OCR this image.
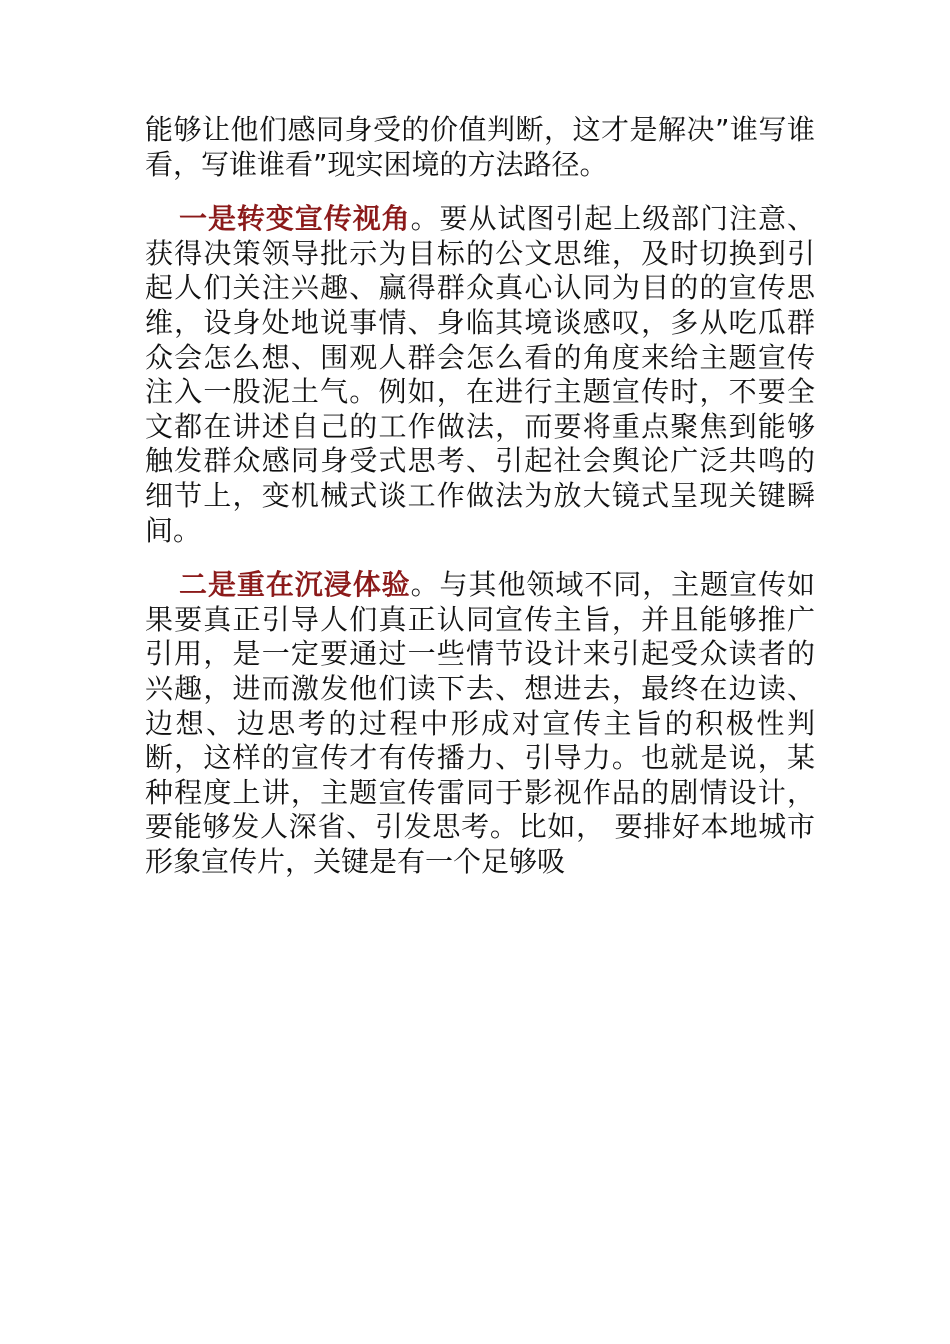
能够让他们感同身受的价值判断，这才是解决”谁写谁看，写谁谁看”现实困境的方法路径。

一是转变宣传视角。要从试图引起上级部门注意、获得决策领导批示为目标的公文思维，及时切换到引起人们关注兴趣、赢得群众真心认同为目的的宣传思维，设身处地说事情、身临其境谈感叹，多从吃瓜群众会怎么想、围观人群会怎么看的角度来给主题宣传注入一股泥土气。例如，在进行主题宣传时，不要全文都在讲述自己的工作做法，而要将重点聚焦到能够触发群众感同身受式思考、引起社会舆论广泛共鸣的细节上，变机械式谈工作做法为放大镜式呈现关键瞬间。

二是重在沉浸体验。与其他领域不同，主题宣传如果要真正引导人们真正认同宣传主旨，并且能够推广引用，是一定要通过一些情节设计来引起受众读者的兴趣，进而激发他们读下去、想进去，最终在边读、边想、边思考的过程中形成对宣传主旨的积极性判断，这样的宣传才有传播力、引导力。也就是说，某种程度上讲，主题宣传雷同于影视作品的剧情设计，要能够发人深省、引发思考。比如， 要排好本地城市形象宣传片，关键是有一个足够吸
